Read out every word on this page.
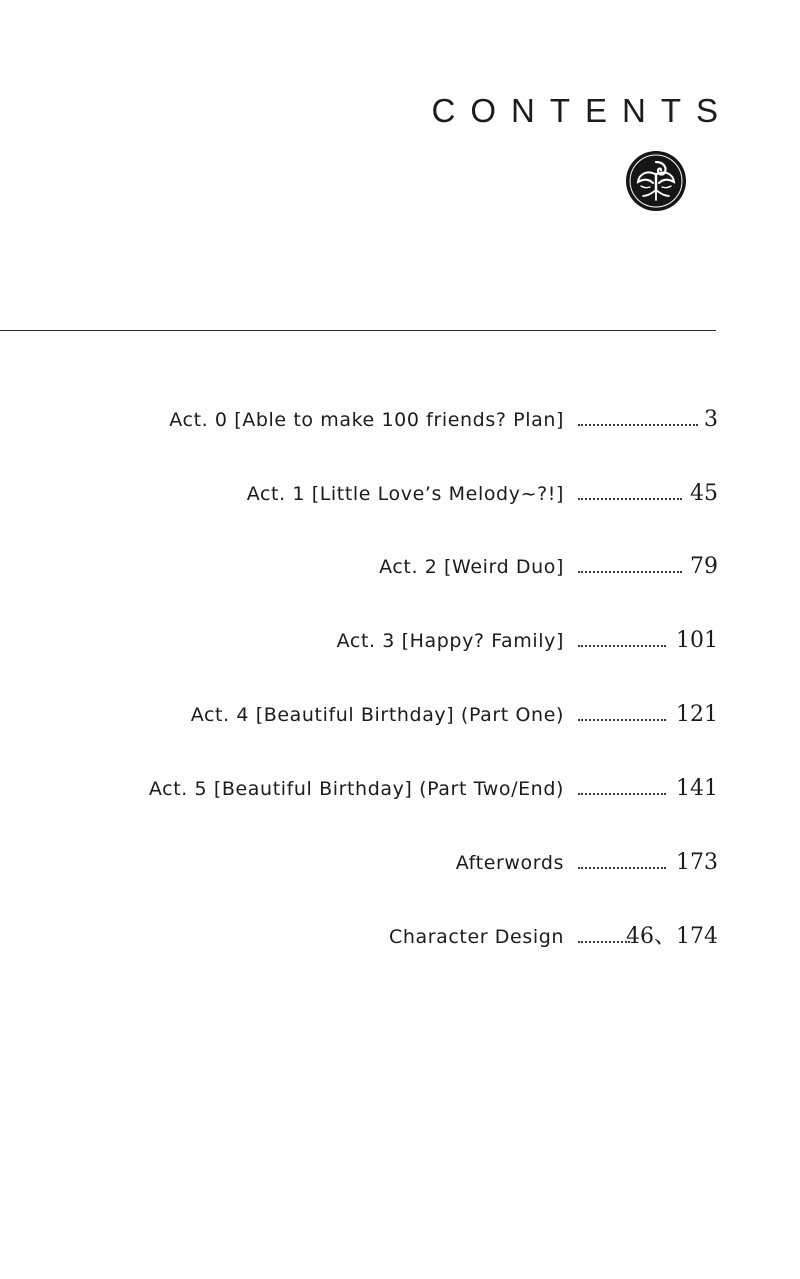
CONTENTS
Act. 0 [Able to make 100 friends? Plan]	3
Act. 1 [Little Love’s Melody~?!]	45
Act. 2 [Weird Duo]	79
Act. 3 [Happy? Family]	101
Act. 4 [Beautiful Birthday] (Part One)	121
Act. 5 [Beautiful Birthday] (Part Two/End)	141
Afterwords	173
Character Design	46、174
